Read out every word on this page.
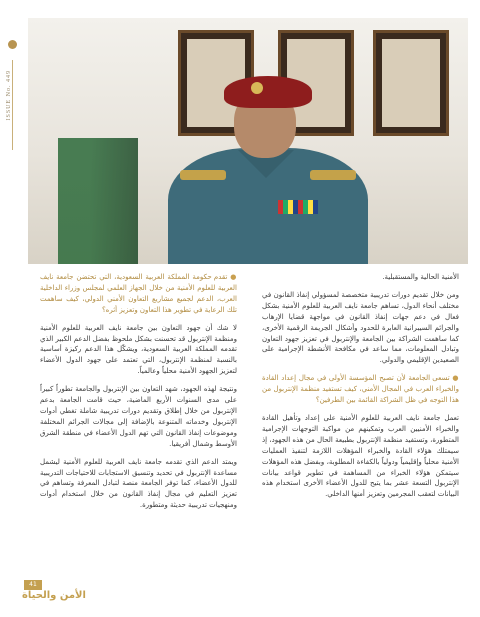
ISSUE No. 449

الأمنية الحالية والمستقبلية.

ومن خلال تقديم دورات تدريبية متخصصة لمسؤولي إنفاذ القانون في مختلف أنحاء الدول، تساهم جامعة نايف العربية للعلوم الأمنية بشكل فعال في دعم جهات إنفاذ القانون في مواجهة قضايا الإرهاب والجرائم السيبرانية العابرة للحدود وأشكال الجريمة الرقمية الأخرى، كما ساهمت الشراكة بين الجامعة والإنتربول في تعزيز جهود التعاون وتبادل المعلومات، مما ساعد في مكافحة الأنشطة الإجرامية على الصعيدين الإقليمي والدولي.

● تسعى الجامعة لأن تصبح المؤسسة الأولى في مجال إعداد القادة والخبراء العرب في المجال الأمني، كيف تستفيد منظمة الإنتربول من هذا التوجه في ظل الشراكة القائمة بين الطرفين؟

تعمل جامعة نايف العربية للعلوم الأمنية على إعداد وتأهيل القادة والخبراء الأمنيين العرب وتمكينهم من مواكبة التوجهات الإجرامية المتطورة، وتستفيد منظمة الإنتربول بطبيعة الحال من هذه الجهود، إذ سيمتلك هؤلاء القادة والخبراء المؤهلات اللازمة لتنفيذ العمليات الأمنية محلياً وإقليمياً ودولياً بالكفاءة المطلوبة، وبفضل هذه المؤهلات سيتمكن هؤلاء الخبراء من المساهمة في تطوير قواعد بيانات الإنتربول التسعة عشر بما يتيح للدول الأعضاء الأخرى استخدام هذه البيانات لتعقب المجرمين وتعزيز أمنها الداخلي.

● تقدم حكومة المملكة العربية السعودية، التي تحتضن جامعة نايف العربية للعلوم الأمنية من خلال الجهاز العلمي لمجلس وزراء الداخلية العرب، الدعم لجميع مشاريع التعاون الأمني الدولي، كيف ساهمت تلك الرعاية في تطوير هذا التعاون وتعزيز أثره؟

لا شك أن جهود التعاون بين جامعة نايف العربية للعلوم الأمنية ومنظمة الإنتربول قد تحسنت بشكل ملحوظ بفضل الدعم الكبير الذي تقدمه المملكة العربية السعودية، ويشكّل هذا الدعم ركيزة أساسية بالنسبة لمنظمة الإنتربول، التي تعتمد على جهود الدول الأعضاء لتعزيز الجهود الأمنية محلياً وعالمياً.

ونتيجة لهذه الجهود، شهد التعاون بين الإنتربول والجامعة تطوراً كبيراً على مدى السنوات الأربع الماضية، حيث قامت الجامعة بدعم الإنتربول من خلال إطلاق وتقديم دورات تدريبية شاملة تغطي أدوات الإنتربول وخدماته المتنوعة بالإضافة إلى مجالات الجرائم المختلفة وموضوعات إنفاذ القانون التي تهم الدول الأعضاء في منطقة الشرق الأوسط وشمال أفريقيا.

ويمتد الدعم الذي تقدمه جامعة نايف العربية للعلوم الأمنية ليشمل مساعدة الإنتربول في تحديد وتنسيق الاستجابات للاحتياجات التدريبية للدول الأعضاء، كما توفر الجامعة منصة لتبادل المعرفة وتساهم في تعزيز التعليم في مجال إنفاذ القانون من خلال استخدام أدوات ومنهجيات تدريبية حديثة ومتطورة.

41
الأمن والحياة
